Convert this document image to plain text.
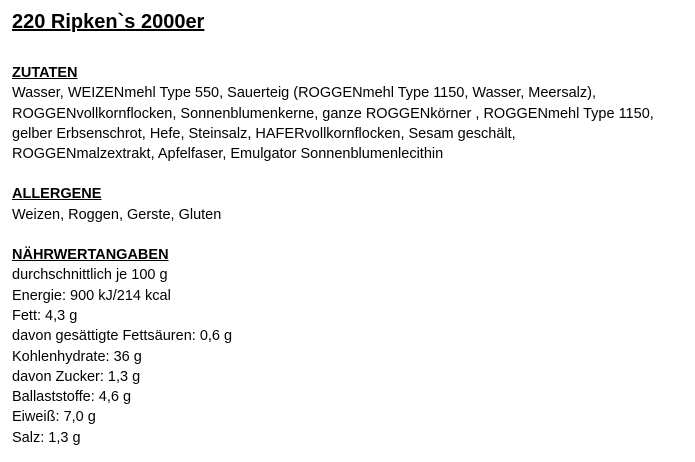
220 Ripken`s 2000er
ZUTATEN

Wasser, WEIZENmehl Type 550, Sauerteig (ROGGENmehl Type 1150, Wasser, Meersalz),

ROGGENvollkornflocken, Sonnenblumenkerne, ganze ROGGENkörner , ROGGENmehl Type 1150,

gelber Erbsenschrot, Hefe, Steinsalz, HAFERvollkornflocken, Sesam geschält,

ROGGENmalzextrakt, Apfelfaser, Emulgator Sonnenblumenlecithin

ALLERGENE

Weizen, Roggen, Gerste, Gluten

NÄHRWERTANGABEN

durchschnittlich je 100 g

Energie: 900 kJ/214 kcal

Fett: 4,3 g

davon gesättigte Fettsäuren: 0,6 g

Kohlenhydrate: 36 g

davon Zucker: 1,3 g

Ballaststoffe: 4,6 g

Eiweiß: 7,0 g

Salz: 1,3 g
